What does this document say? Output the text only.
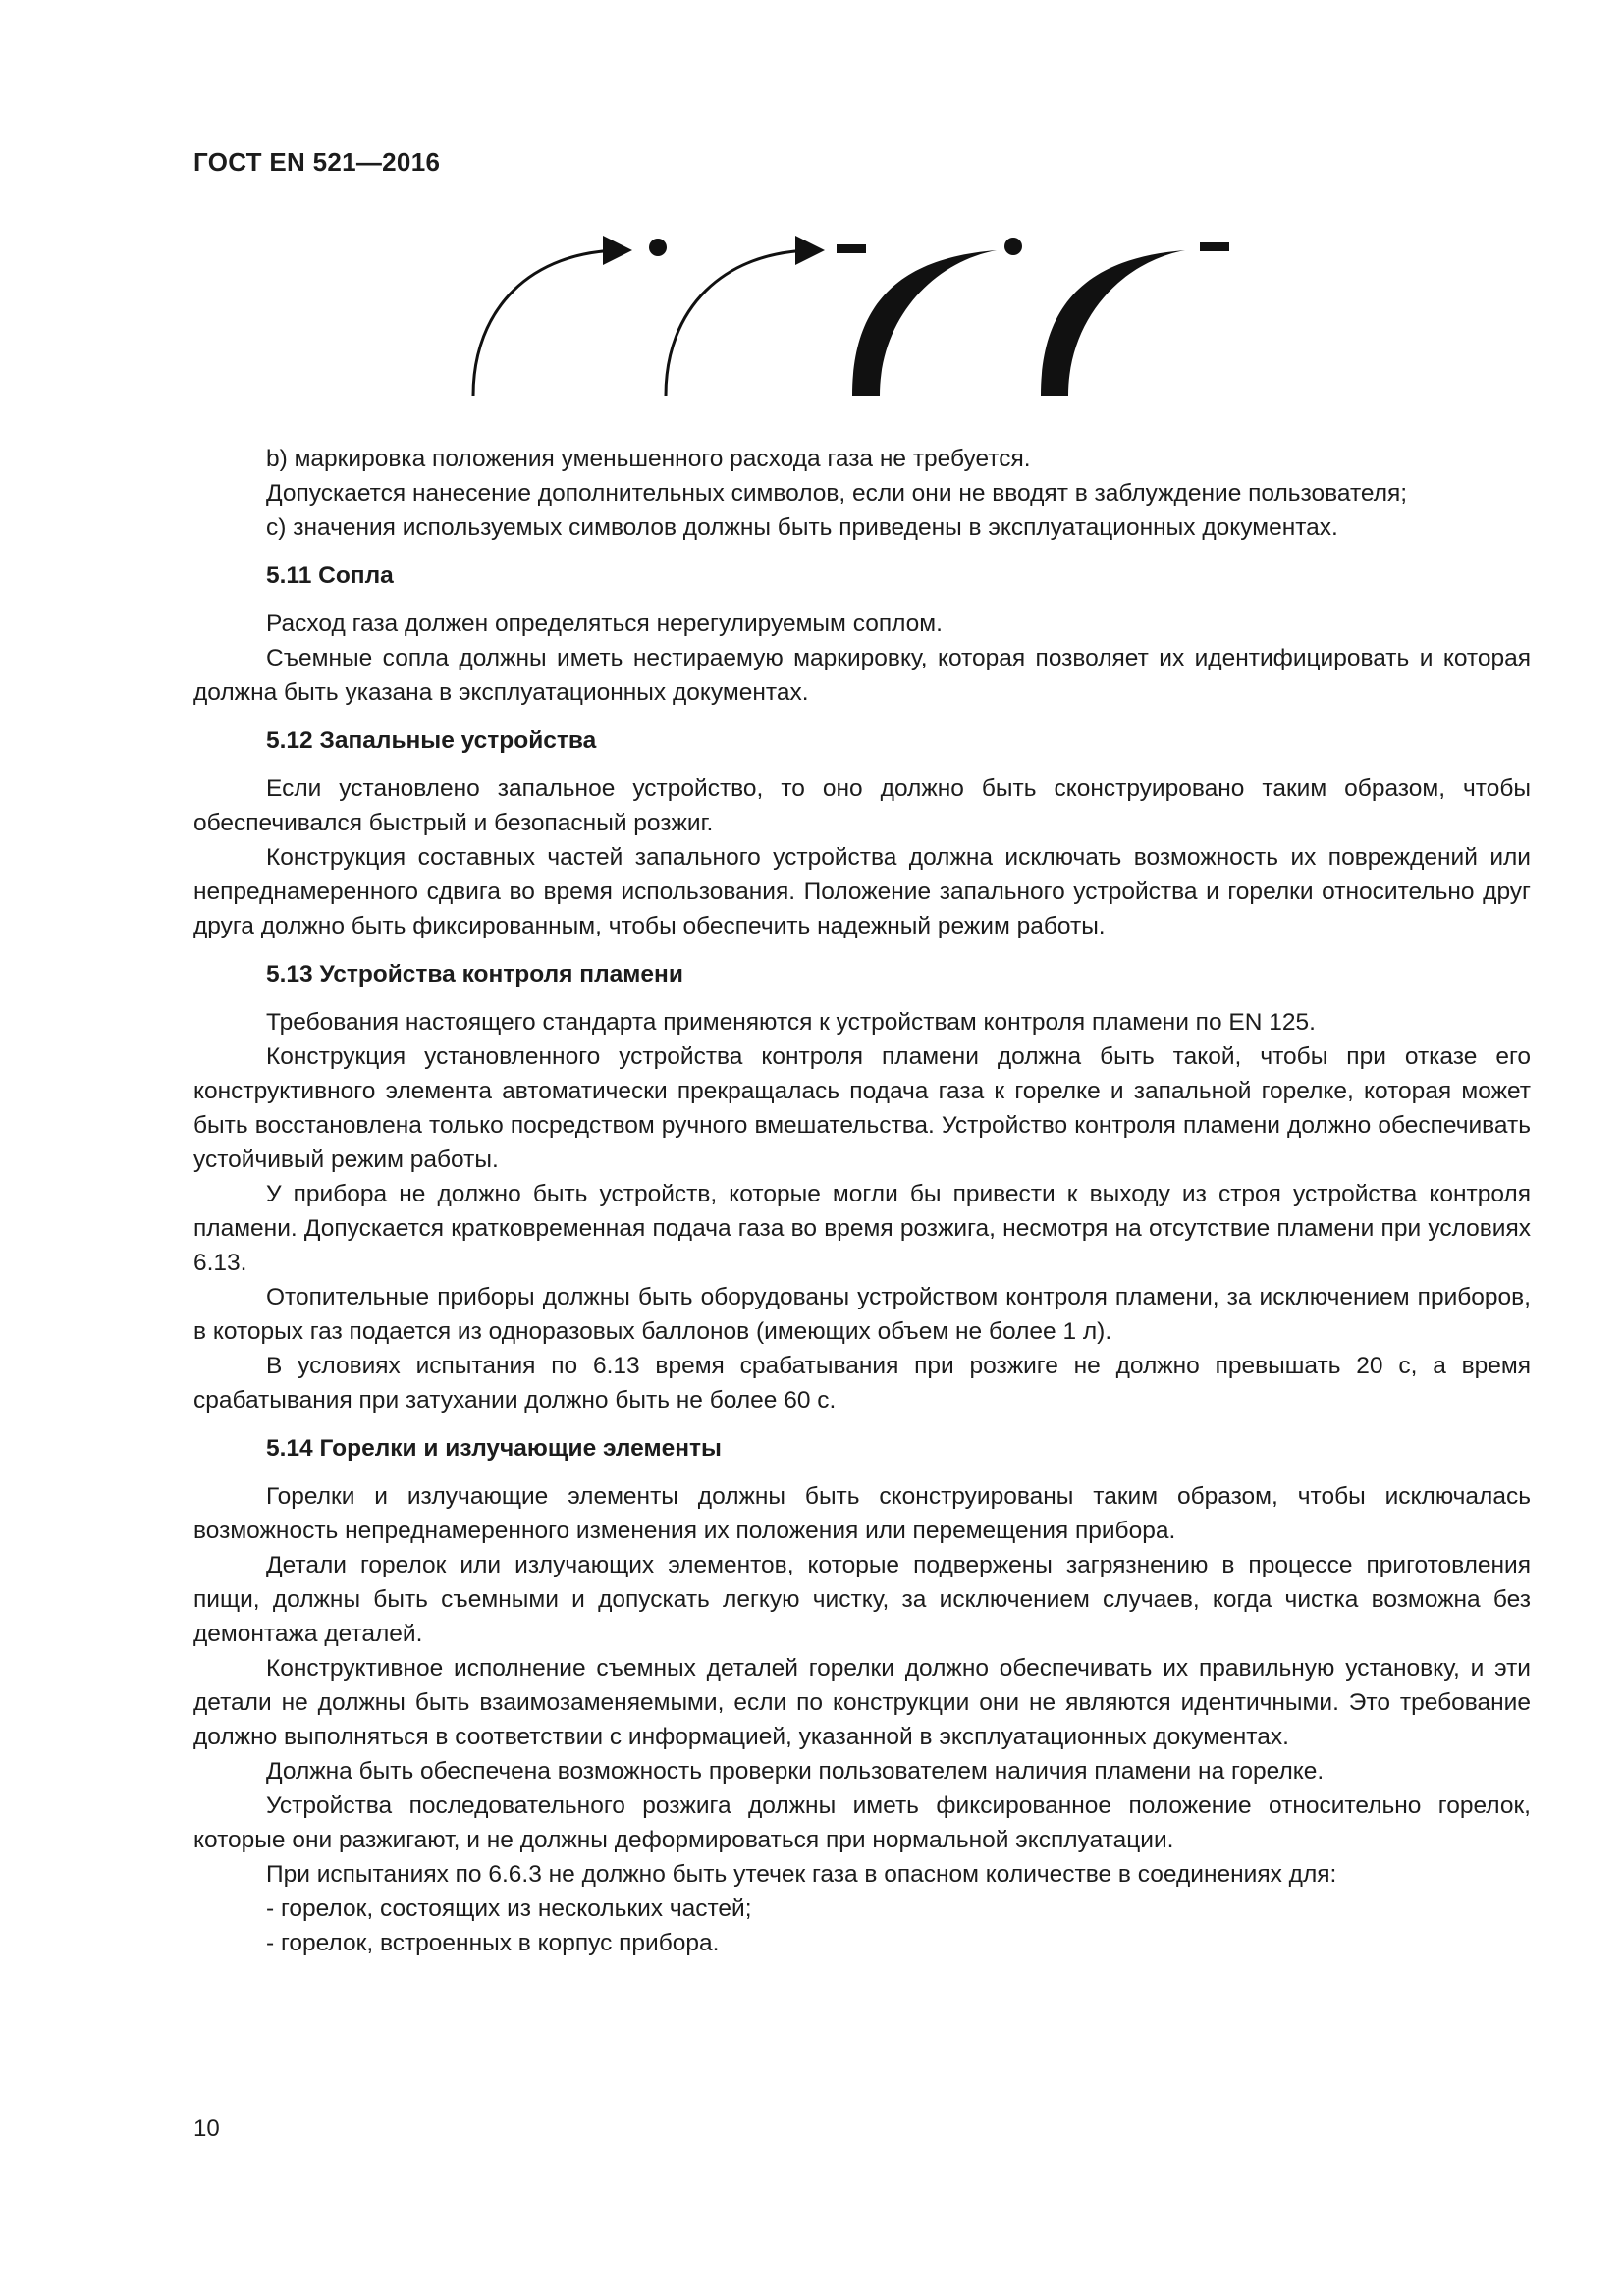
ГОСТ EN 521—2016

b) маркировка положения уменьшенного расхода газа не требуется.

Допускается нанесение дополнительных символов, если они не вводят в заблуждение пользователя;

c) значения используемых символов должны быть приведены в эксплуатационных документах.

5.11 Сопла

Расход газа должен определяться нерегулируемым соплом.

Съемные сопла должны иметь нестираемую маркировку, которая позволяет их идентифицировать и которая должна быть указана в эксплуатационных документах.

5.12 Запальные устройства

Если установлено запальное устройство, то оно должно быть сконструировано таким образом, чтобы обеспечивался быстрый и безопасный розжиг.

Конструкция составных частей запального устройства должна исключать возможность их повреждений или непреднамеренного сдвига во время использования. Положение запального устройства и горелки относительно друг друга должно быть фиксированным, чтобы обеспечить надежный режим работы.

5.13 Устройства контроля пламени

Требования настоящего стандарта применяются к устройствам контроля пламени по EN 125.

Конструкция установленного устройства контроля пламени должна быть такой, чтобы при отказе его конструктивного элемента автоматически прекращалась подача газа к горелке и запальной горелке, которая может быть восстановлена только посредством ручного вмешательства. Устройство контроля пламени должно обеспечивать устойчивый режим работы.

У прибора не должно быть устройств, которые могли бы привести к выходу из строя устройства контроля пламени. Допускается кратковременная подача газа во время розжига, несмотря на отсутствие пламени при условиях 6.13.

Отопительные приборы должны быть оборудованы устройством контроля пламени, за исключением приборов, в которых газ подается из одноразовых баллонов (имеющих объем не более 1 л).

В условиях испытания по 6.13 время срабатывания при розжиге не должно превышать 20 с, а время срабатывания при затухании должно быть не более 60 с.

5.14 Горелки и излучающие элементы

Горелки и излучающие элементы должны быть сконструированы таким образом, чтобы исключалась возможность непреднамеренного изменения их положения или перемещения прибора.

Детали горелок или излучающих элементов, которые подвержены загрязнению в процессе приготовления пищи, должны быть съемными и допускать легкую чистку, за исключением случаев, когда чистка возможна без демонтажа деталей.

Конструктивное исполнение съемных деталей горелки должно обеспечивать их правильную установку, и эти детали не должны быть взаимозаменяемыми, если по конструкции они не являются идентичными. Это требование должно выполняться в соответствии с информацией, указанной в эксплуатационных документах.

Должна быть обеспечена возможность проверки пользователем наличия пламени на горелке.

Устройства последовательного розжига должны иметь фиксированное положение относительно горелок, которые они разжигают, и не должны деформироваться при нормальной эксплуатации.

При испытаниях по 6.6.3 не должно быть утечек газа в опасном количестве в соединениях для:

- горелок, состоящих из нескольких частей;

- горелок, встроенных в корпус прибора.

10
